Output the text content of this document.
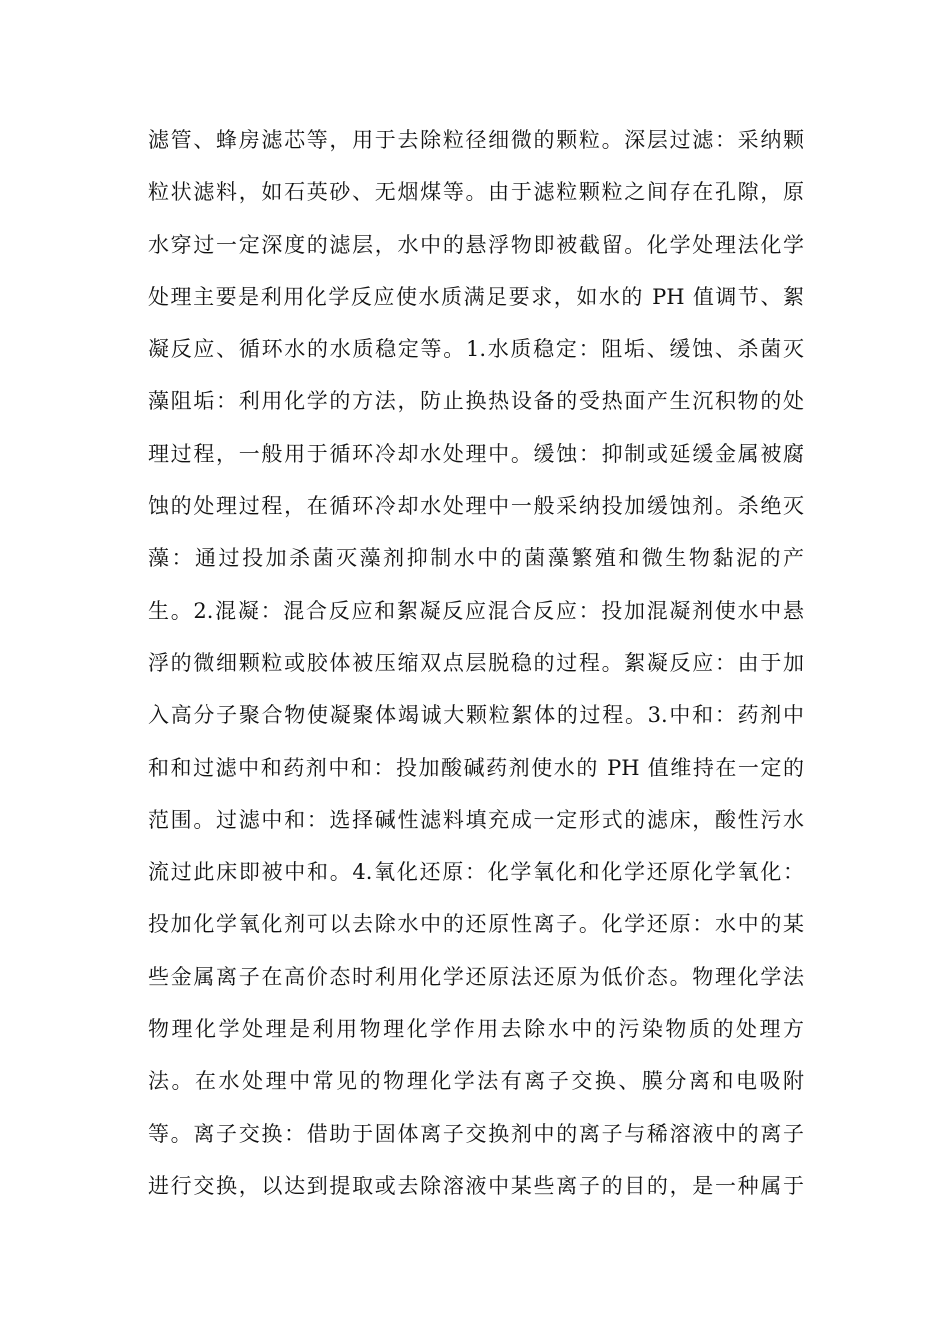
滤管、蜂房滤芯等，用于去除粒径细微的颗粒。深层过滤：采纳颗
粒状滤料，如石英砂、无烟煤等。由于滤粒颗粒之间存在孔隙，原
水穿过一定深度的滤层，水中的悬浮物即被截留。化学处理法化学
处理主要是利用化学反应使水质满足要求，如水的 PH 值调节、絮
凝反应、循环水的水质稳定等。1.水质稳定：阻垢、缓蚀、杀菌灭
藻阻垢：利用化学的方法，防止换热设备的受热面产生沉积物的处
理过程，一般用于循环冷却水处理中。缓蚀：抑制或延缓金属被腐
蚀的处理过程，在循环冷却水处理中一般采纳投加缓蚀剂。杀绝灭
藻：通过投加杀菌灭藻剂抑制水中的菌藻繁殖和微生物黏泥的产
生。2.混凝：混合反应和絮凝反应混合反应：投加混凝剂使水中悬
浮的微细颗粒或胶体被压缩双点层脱稳的过程。絮凝反应：由于加
入高分子聚合物使凝聚体竭诚大颗粒絮体的过程。3.中和：药剂中
和和过滤中和药剂中和：投加酸碱药剂使水的 PH 值维持在一定的
范围。过滤中和：选择碱性滤料填充成一定形式的滤床，酸性污水
流过此床即被中和。4.氧化还原：化学氧化和化学还原化学氧化：
投加化学氧化剂可以去除水中的还原性离子。化学还原：水中的某
些金属离子在高价态时利用化学还原法还原为低价态。物理化学法
物理化学处理是利用物理化学作用去除水中的污染物质的处理方
法。在水处理中常见的物理化学法有离子交换、膜分离和电吸附
等。离子交换：借助于固体离子交换剂中的离子与稀溶液中的离子
进行交换，以达到提取或去除溶液中某些离子的目的，是一种属于
